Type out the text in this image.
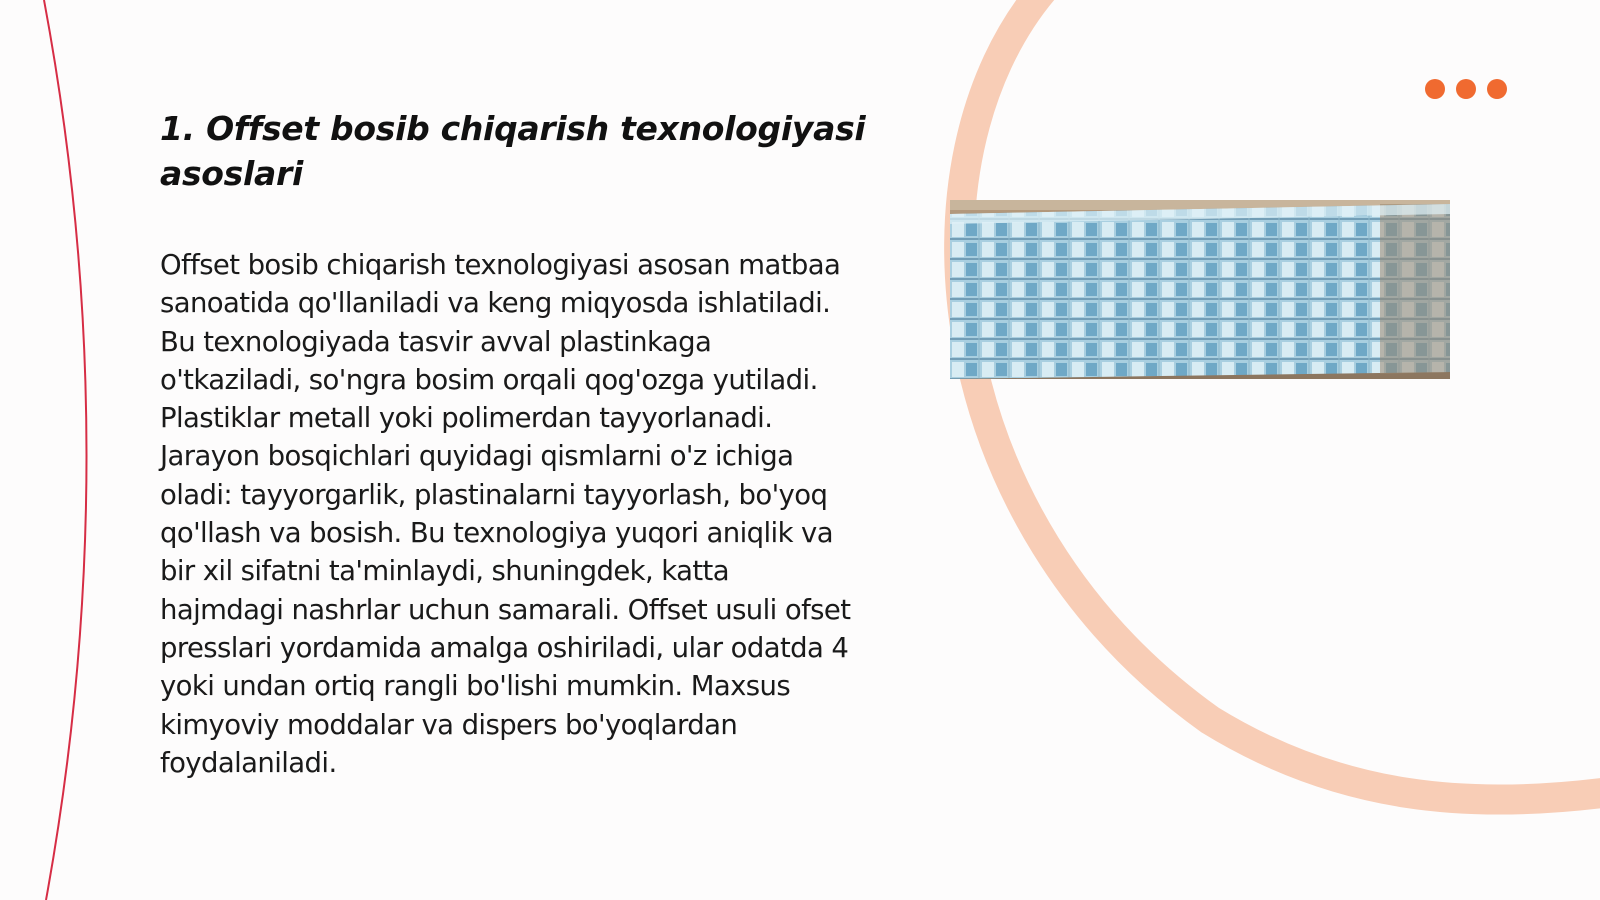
1. Offset bosib chiqarish texnologiyasi asoslari

Offset bosib chiqarish texnologiyasi asosan matbaa sanoatida qo'llaniladi va keng miqyosda ishlatiladi. Bu texnologiyada tasvir avval plastinkaga o'tkaziladi, so'ngra bosim orqali qog'ozga yutiladi. Plastiklar metall yoki polimerdan tayyorlanadi. Jarayon bosqichlari quyidagi qismlarni o'z ichiga oladi: tayyorgarlik, plastinalarni tayyorlash, bo'yoq qo'llash va bosish. Bu texnologiya yuqori aniqlik va bir xil sifatni ta'minlaydi, shuningdek, katta hajmdagi nashrlar uchun samarali. Offset usuli ofset presslari yordamida amalga oshiriladi, ular odatda 4 yoki undan ortiq rangli bo'lishi mumkin. Maxsus kimyoviy moddalar va dispers bo'yoqlardan foydalaniladi.
